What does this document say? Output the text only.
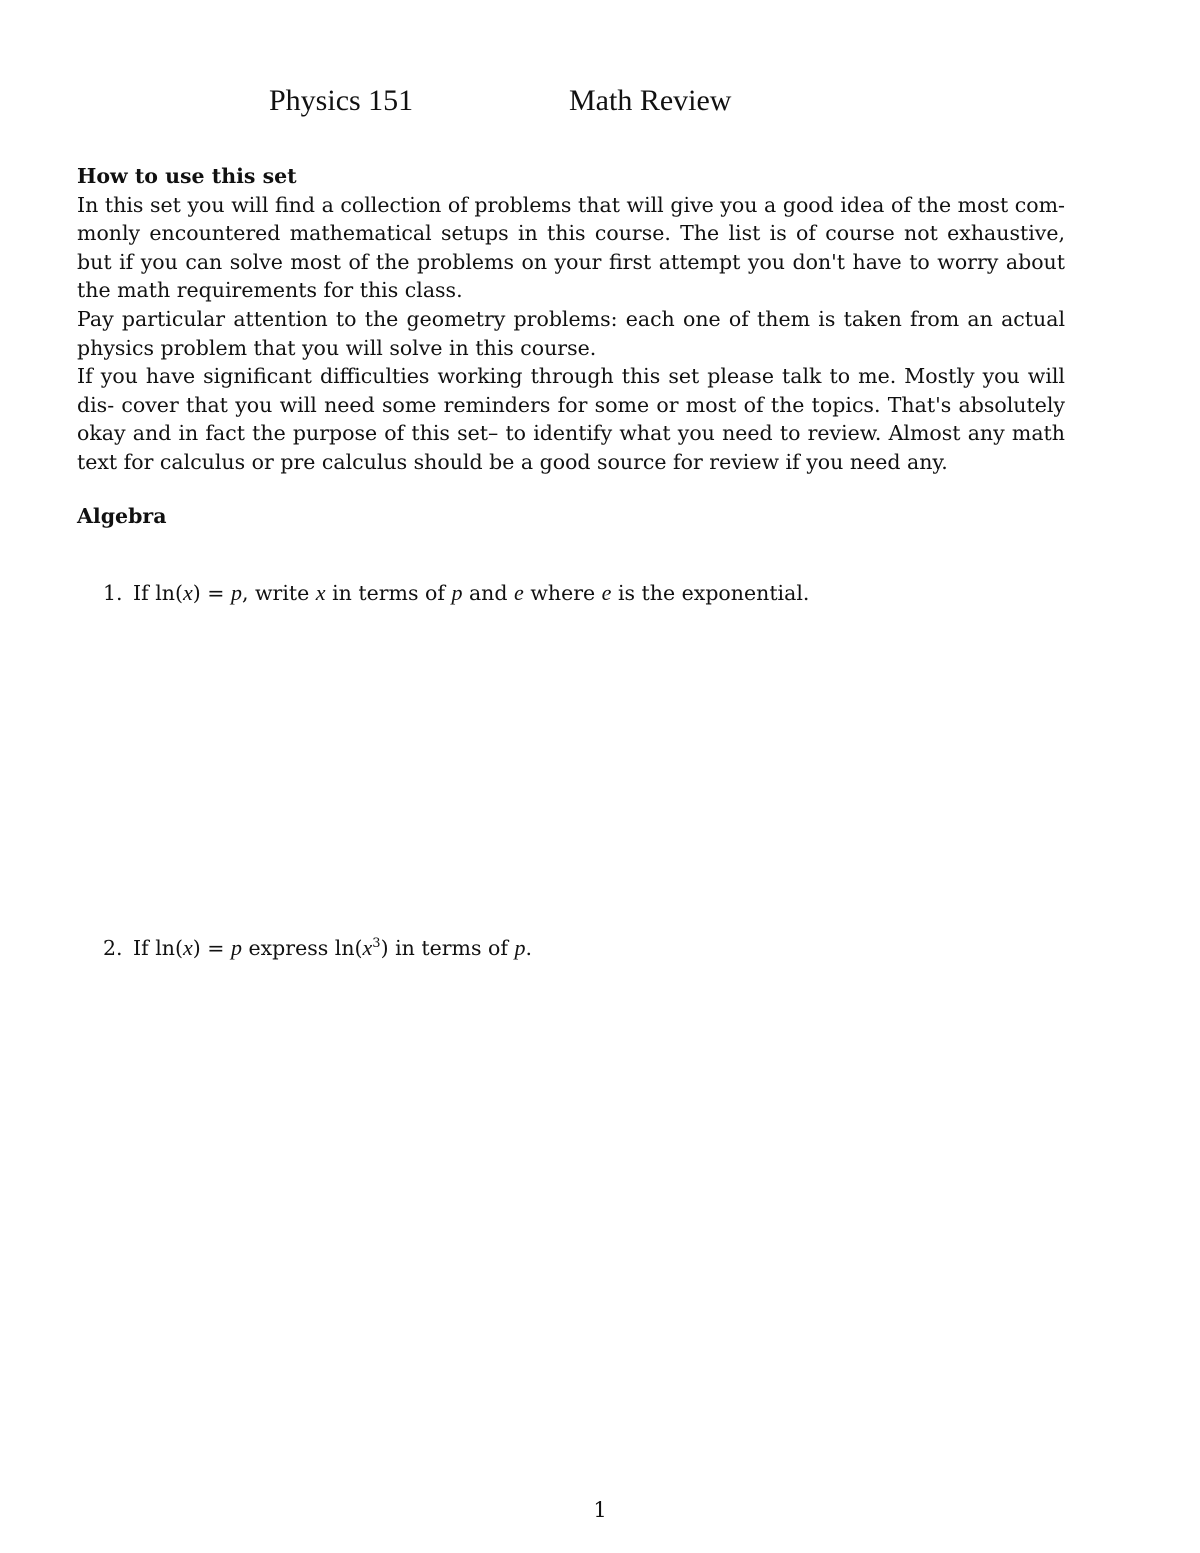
Physics 151	Math Review
How to use this set

In this set you will find a collection of problems that will give you a good idea of the most com- monly encountered mathematical setups in this course. The list is of course not exhaustive, but if you can solve most of the problems on your first attempt you don't have to worry about the math requirements for this class.

Pay particular attention to the geometry problems: each one of them is taken from an actual physics problem that you will solve in this course.

If you have significant difficulties working through this set please talk to me. Mostly you will dis- cover that you will need some reminders for some or most of the topics. That's absolutely okay and in fact the purpose of this set– to identify what you need to review. Almost any math text for calculus or pre calculus should be a good source for review if you need any.

Algebra
1. If ln(x) = p, write x in terms of p and e where e is the exponential.
2. If ln(x) = p express $\ln(x^3)$ in terms of p.
1
